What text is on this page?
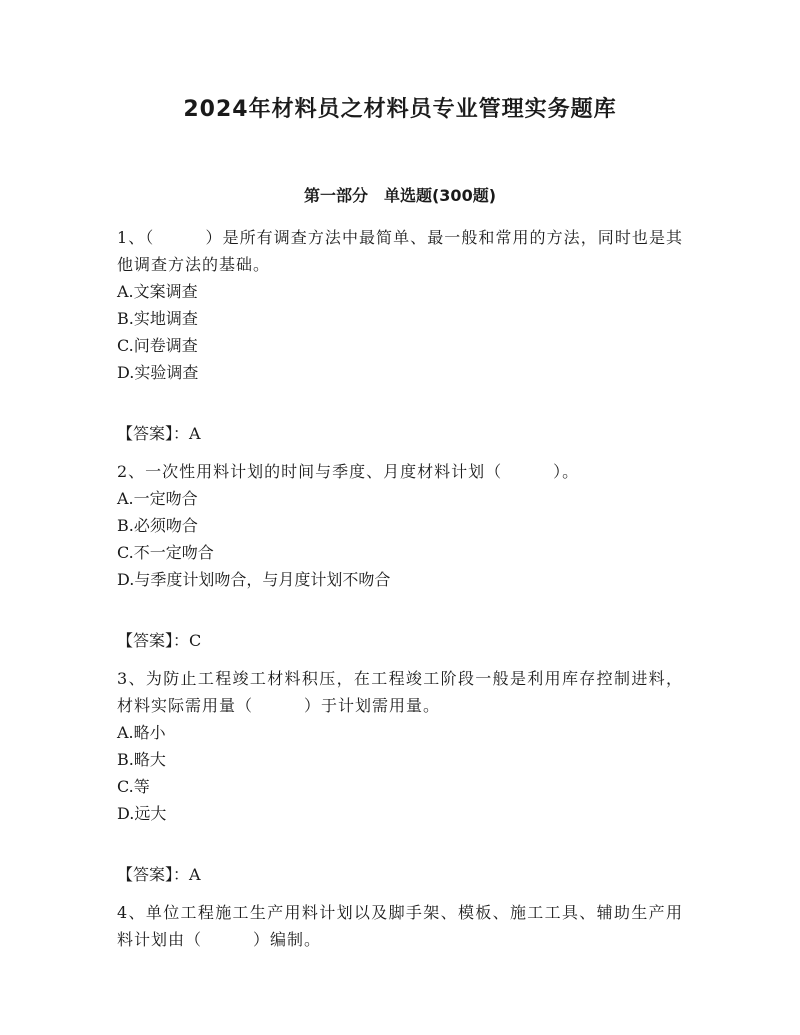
2024年材料员之材料员专业管理实务题库
第一部分　单选题(300题)

1、（　　　）是所有调查方法中最简单、最一般和常用的方法，同时也是其他调查方法的基础。

A.文案调查

B.实地调查

C.问卷调查

D.实验调查

【答案】：A

2、一次性用料计划的时间与季度、月度材料计划（　　　）。

A.一定吻合

B.必须吻合

C.不一定吻合

D.与季度计划吻合，与月度计划不吻合

【答案】：C

3、为防止工程竣工材料积压，在工程竣工阶段一般是利用库存控制进料，材料实际需用量（　　　）于计划需用量。

A.略小

B.略大

C.等

D.远大

【答案】：A

4、单位工程施工生产用料计划以及脚手架、模板、施工工具、辅助生产用料计划由（　　　）编制。
